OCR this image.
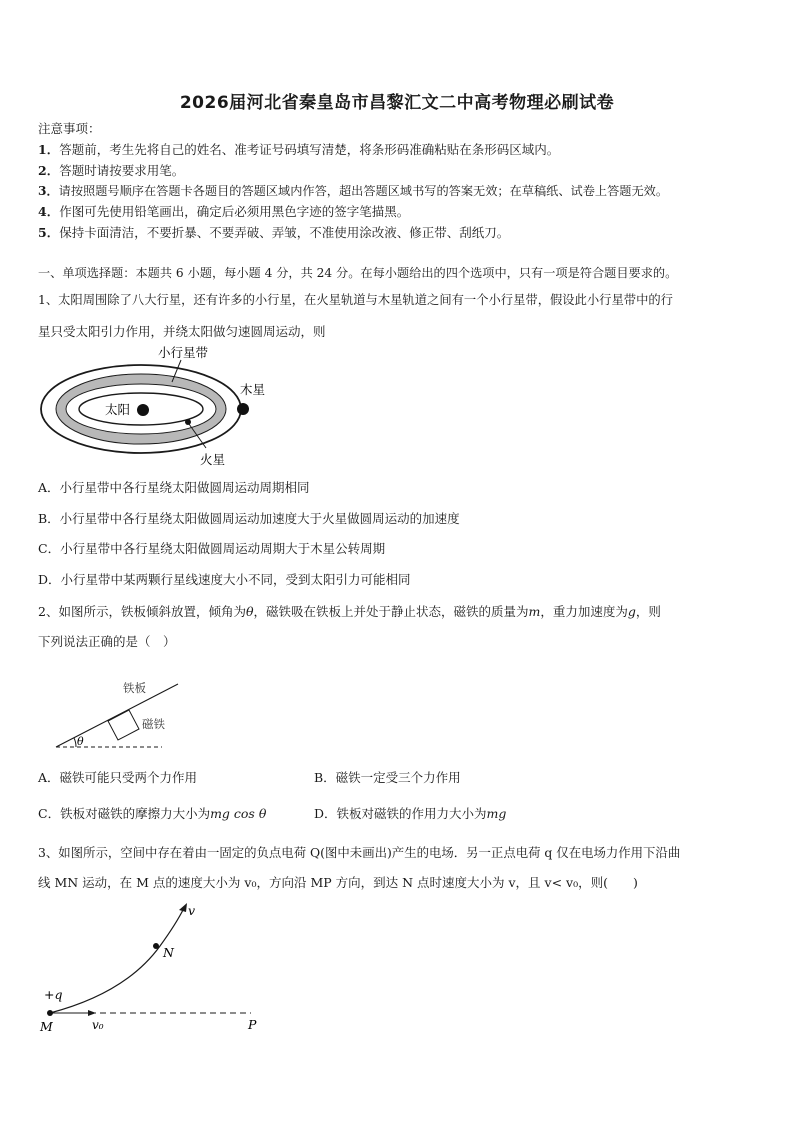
2026届河北省秦皇岛市昌黎汇文二中高考物理必刷试卷
注意事项：
1．答题前，考生先将自己的姓名、准考证号码填写清楚，将条形码准确粘贴在条形码区域内。
2．答题时请按要求用笔。
3．请按照题号顺序在答题卡各题目的答题区域内作答，超出答题区域书写的答案无效；在草稿纸、试卷上答题无效。
4．作图可先使用铅笔画出，确定后必须用黑色字迹的签字笔描黑。
5．保持卡面清洁，不要折暴、不要弄破、弄皱，不准使用涂改液、修正带、刮纸刀。
一、单项选择题：本题共 6 小题，每小题 4 分，共 24 分。在每小题给出的四个选项中，只有一项是符合题目要求的。
1、太阳周围除了八大行星，还有许多的小行星，在火星轨道与木星轨道之间有一个小行星带，假设此小行星带中的行
星只受太阳引力作用，并绕太阳做匀速圆周运动，则
小行星带
木星
太阳
火星
A．小行星带中各行星绕太阳做圆周运动周期相同
B．小行星带中各行星绕太阳做圆周运动加速度大于火星做圆周运动的加速度
C．小行星带中各行星绕太阳做圆周运动周期大于木星公转周期
D．小行星带中某两颗行星线速度大小不同，受到太阳引力可能相同
2、如图所示，铁板倾斜放置，倾角为θ，磁铁吸在铁板上并处于静止状态，磁铁的质量为m，重力加速度为g，则
下列说法正确的是（　）
铁板
磁铁
θ
A．磁铁可能只受两个力作用	B．磁铁一定受三个力作用
C．铁板对磁铁的摩擦力大小为mg cos θ	D．铁板对磁铁的作用力大小为mg
3、如图所示，空间中存在着由一固定的负点电荷 Q(图中未画出)产生的电场．另一正点电荷 q 仅在电场力作用下沿曲
线 MN 运动，在 M 点的速度大小为 v₀，方向沿 MP 方向，到达 N 点时速度大小为 v，且 v< v₀，则(　　)
v
N
+q
M	v₀	P
